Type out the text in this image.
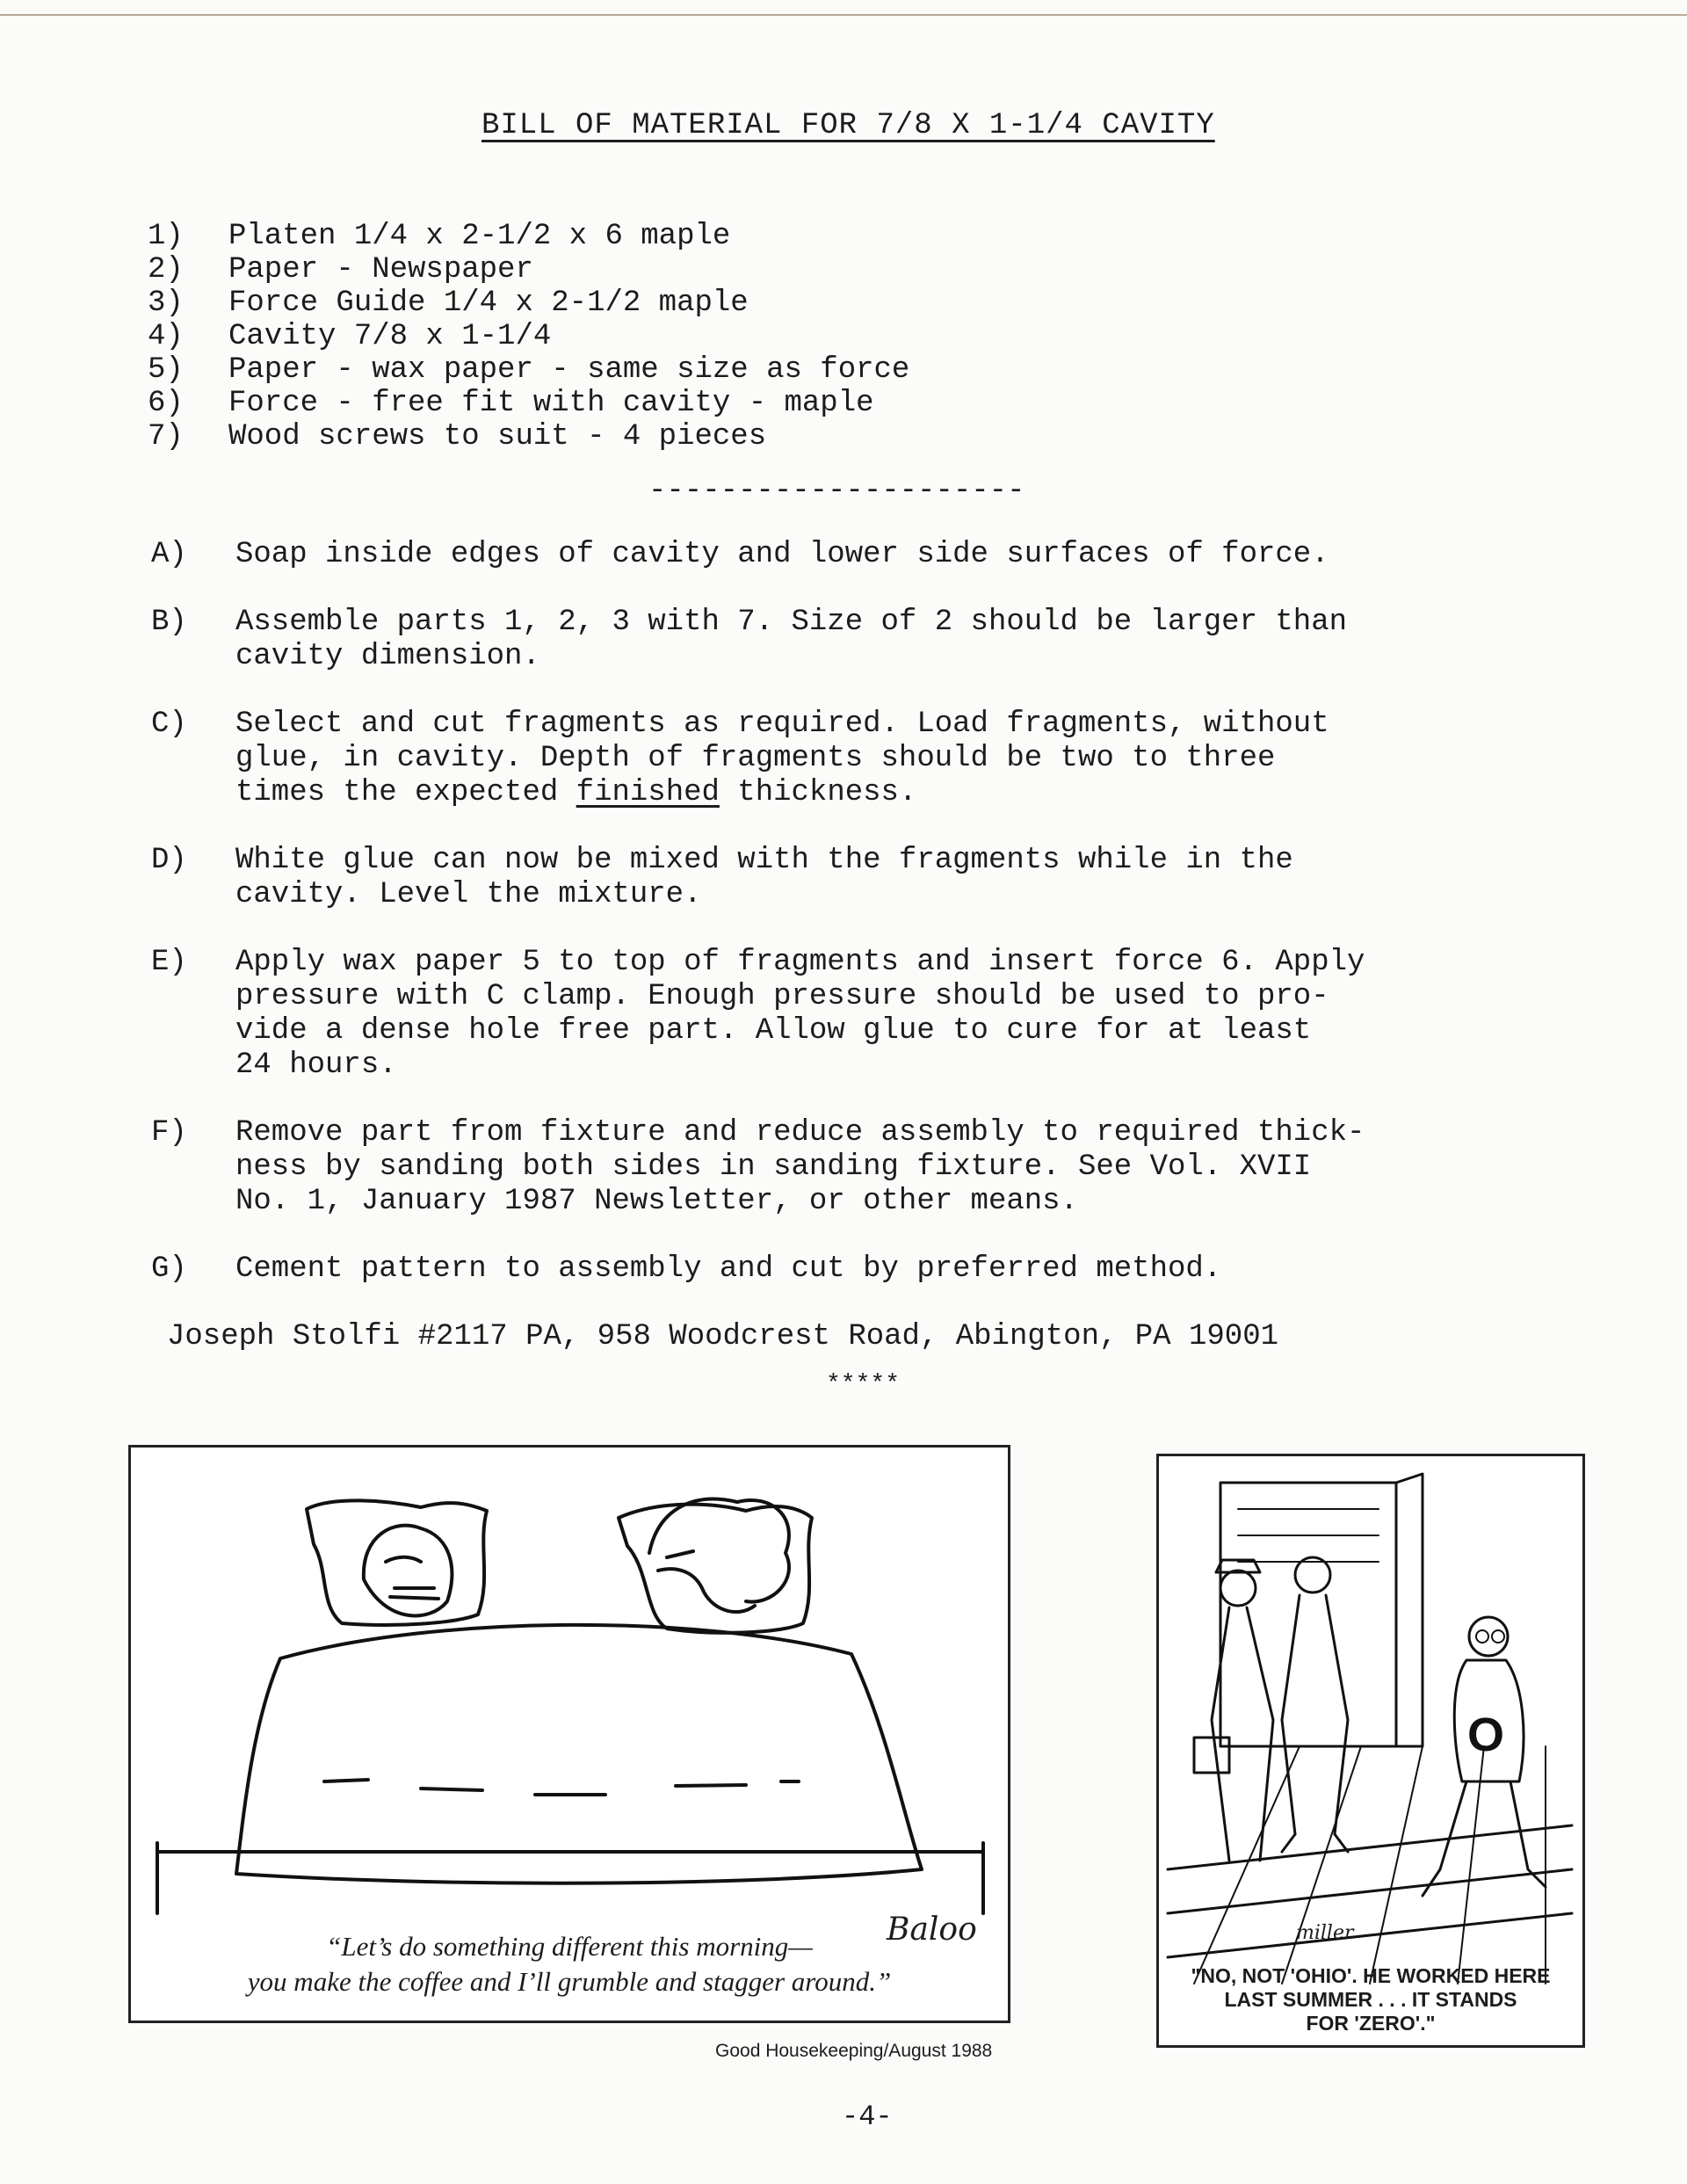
BILL OF MATERIAL FOR 7/8 X 1-1/4 CAVITY
1)	Platen 1/4 x 2-1/2 x 6 maple
2)	Paper - Newspaper
3)	Force Guide 1/4 x 2-1/2 maple
4)	Cavity 7/8 x 1-1/4
5)	Paper - wax paper - same size as force
6)	Force - free fit with cavity - maple
7)	Wood screws to suit - 4 pieces
---------------------
A)	Soap inside edges of cavity and lower side surfaces of force.
B)	Assemble parts 1, 2, 3 with 7. Size of 2 should be larger than
cavity dimension.
C)	Select and cut fragments as required. Load fragments, without
glue, in cavity. Depth of fragments should be two to three
times the expected finished thickness.
D)	White glue can now be mixed with the fragments while in the
cavity. Level the mixture.
E)	Apply wax paper 5 to top of fragments and insert force 6. Apply
pressure with C clamp. Enough pressure should be used to pro-
vide a dense hole free part. Allow glue to cure for at least
24 hours.
F)	Remove part from fixture and reduce assembly to required thick-
ness by sanding both sides in sanding fixture. See Vol. XVII
No. 1, January 1987 Newsletter, or other means.
G)	Cement pattern to assembly and cut by preferred method.
Joseph Stolfi #2117 PA, 958 Woodcrest Road, Abington, PA 19001
*****
Baloo
“Let’s do something different this morning—
you make the coffee and I’ll grumble and stagger around.”
O
miller
"NO, NOT 'OHIO'. HE WORKED HERE
LAST SUMMER . . . IT STANDS
FOR 'ZERO'."
Good Housekeeping/August 1988
-4-
